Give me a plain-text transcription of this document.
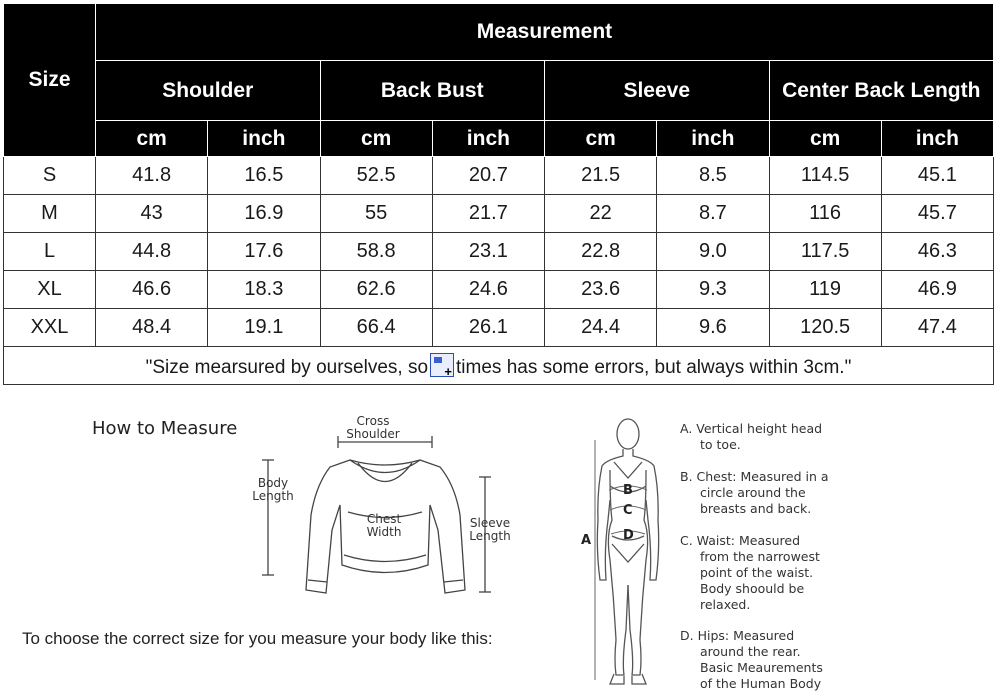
Size	Measurement							
	Shoulder		Back Bust		Sleeve		Center Back Length	
	cm	inch	cm	inch	cm	inch	cm	inch
S	41.8	16.5	52.5	20.7	21.5	8.5	114.5	45.1
M	43	16.9	55	21.7	22	8.7	116	45.7
L	44.8	17.6	58.8	23.1	22.8	9.0	117.5	46.3
XL	46.6	18.3	62.6	24.6	23.6	9.3	119	46.9
XXL	48.4	19.1	66.4	26.1	24.4	9.6	120.5	47.4
"Size mearsured by ourselves, so + times has some errors, but always within 3cm."
How to Measure	Cross
Shoulder
Body
Length
Chest
Width
Sleeve
Length
To choose the correct size for you measure your body like this:
B
C
D
A
A. Vertical height head
to toe.
B. Chest: Measured in a
circle around the
breasts and back.
C. Waist: Measured
from the narrowest
point of the waist.
Body shoould be
relaxed.
D. Hips: Measured
around the rear.
Basic Meaurements
of the Human Body
